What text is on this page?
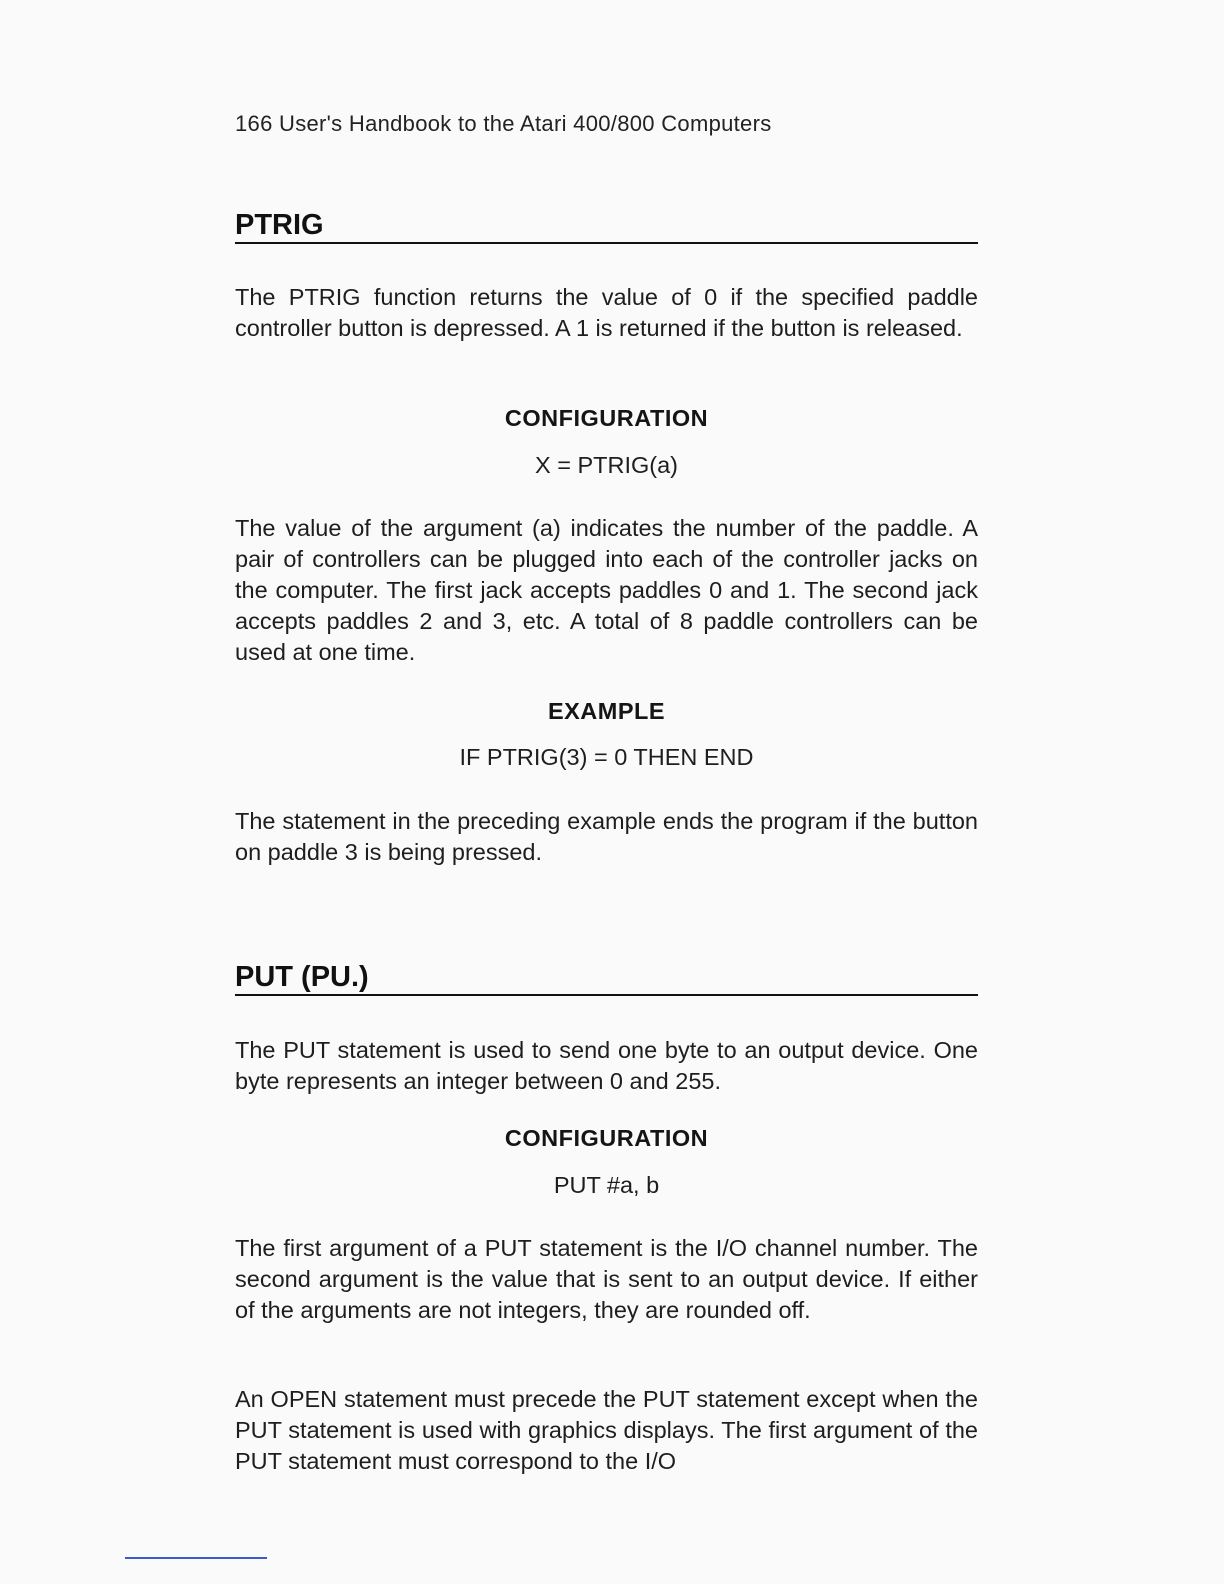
166 User's Handbook to the Atari 400/800 Computers
PTRIG
The PTRIG function returns the value of 0 if the specified paddle controller button is depressed. A 1 is returned if the button is released.
CONFIGURATION
X = PTRIG(a)
The value of the argument (a) indicates the number of the paddle. A pair of controllers can be plugged into each of the controller jacks on the computer. The first jack accepts paddles 0 and 1. The second jack accepts paddles 2 and 3, etc. A total of 8 paddle controllers can be used at one time.
EXAMPLE
IF PTRIG(3) = 0 THEN END
The statement in the preceding example ends the program if the button on paddle 3 is being pressed.
PUT (PU.)
The PUT statement is used to send one byte to an output device. One byte represents an integer between 0 and 255.
CONFIGURATION
PUT #a, b
The first argument of a PUT statement is the I/O channel number. The second argument is the value that is sent to an output device. If either of the arguments are not integers, they are rounded off.
An OPEN statement must precede the PUT statement except when the PUT statement is used with graphics displays. The first argument of the PUT statement must correspond to the I/O
